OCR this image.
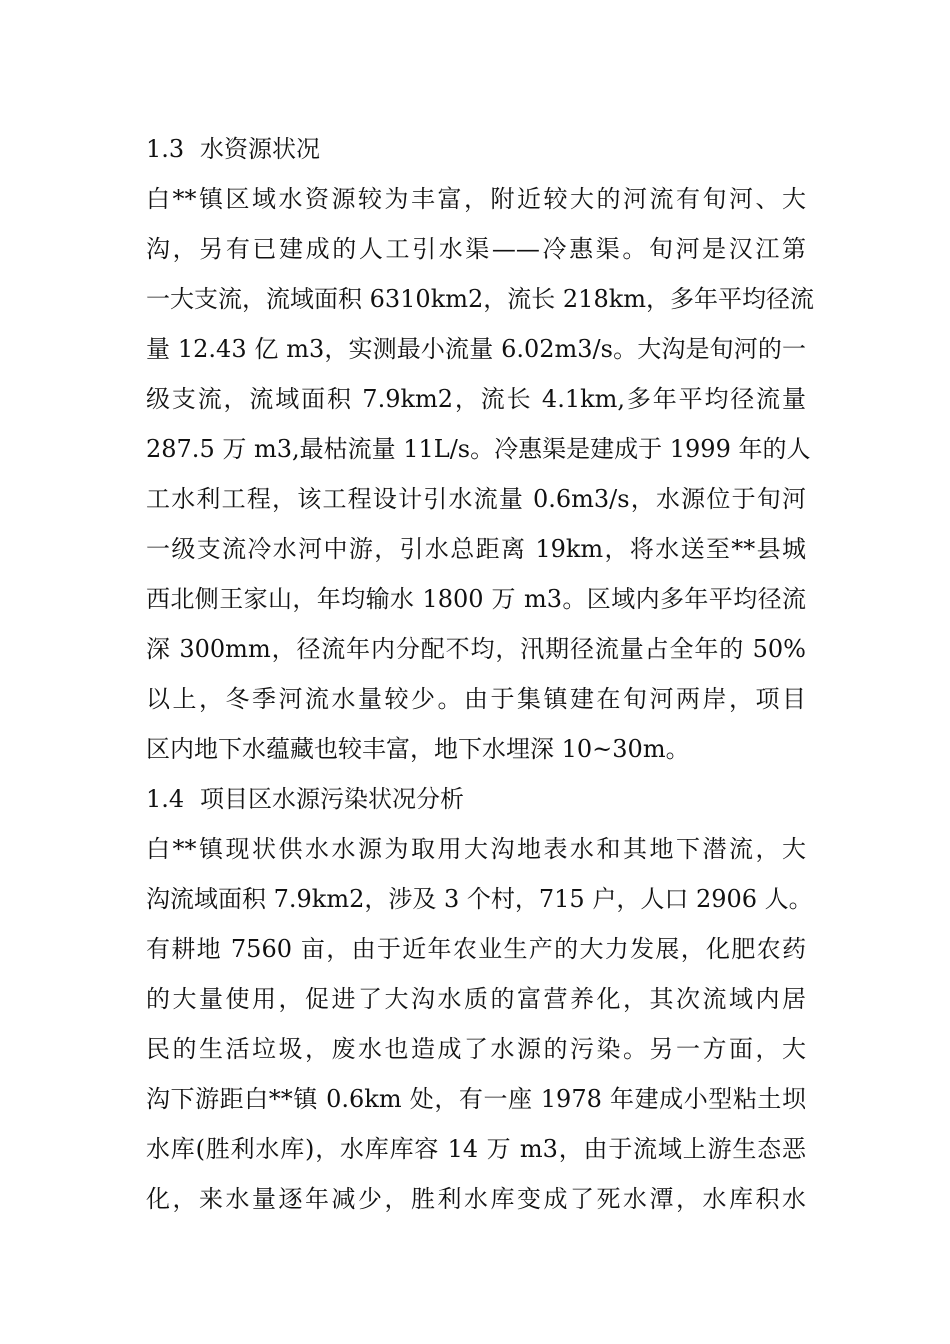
1.3 水资源状况
白**镇区域水资源较为丰富，附近较大的河流有旬河、大
沟，另有已建成的人工引水渠——冷惠渠。旬河是汉江第
一大支流，流域面积 6310km2，流长 218km，多年平均径流
量 12.43 亿 m3，实测最小流量 6.02m3/s。大沟是旬河的一
级支流，流域面积 7.9km2，流长 4.1km,多年平均径流量
287.5 万 m3,最枯流量 11L/s。冷惠渠是建成于 1999 年的人
工水利工程，该工程设计引水流量 0.6m3/s，水源位于旬河
一级支流冷水河中游，引水总距离 19km，将水送至**县城
西北侧王家山，年均输水 1800 万 m3。区域内多年平均径流
深 300mm，径流年内分配不均，汛期径流量占全年的 50%
以上，冬季河流水量较少。由于集镇建在旬河两岸，项目
区内地下水蕴藏也较丰富，地下水埋深 10~30m。
1.4 项目区水源污染状况分析
白**镇现状供水水源为取用大沟地表水和其地下潜流，大
沟流域面积 7.9km2，涉及 3 个村，715 户，人口 2906 人。
有耕地 7560 亩，由于近年农业生产的大力发展，化肥农药
的大量使用，促进了大沟水质的富营养化，其次流域内居
民的生活垃圾，废水也造成了水源的污染。另一方面，大
沟下游距白**镇 0.6km 处，有一座 1978 年建成小型粘土坝
水库(胜利水库)，水库库容 14 万 m3，由于流域上游生态恶
化，来水量逐年减少，胜利水库变成了死水潭，水库积水
